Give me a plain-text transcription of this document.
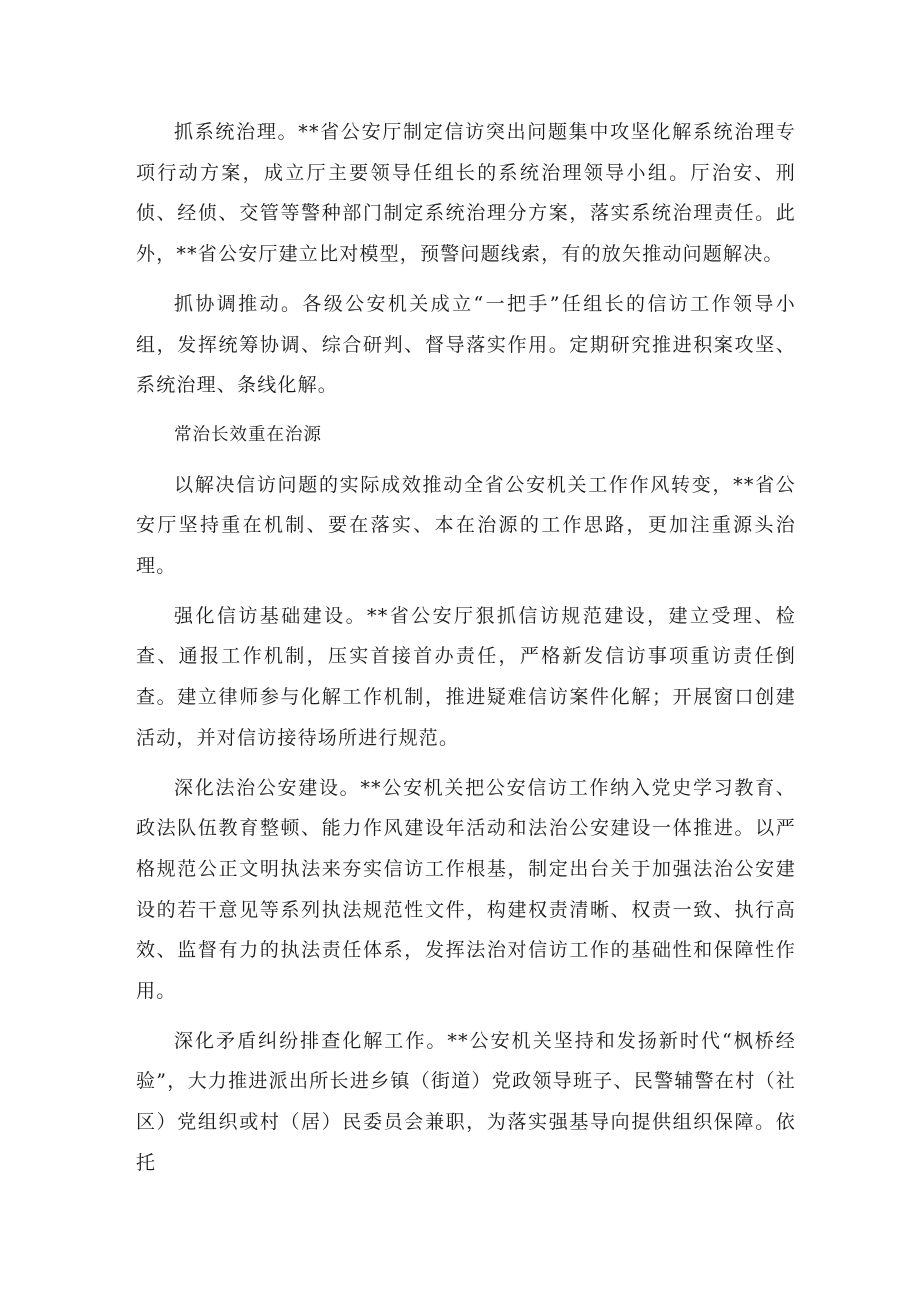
抓系统治理。**省公安厅制定信访突出问题集中攻坚化解系统治理专项行动方案，成立厅主要领导任组长的系统治理领导小组。厅治安、刑侦、经侦、交管等警种部门制定系统治理分方案，落实系统治理责任。此外，**省公安厅建立比对模型，预警问题线索，有的放矢推动问题解决。

抓协调推动。各级公安机关成立“一把手”任组长的信访工作领导小组，发挥统筹协调、综合研判、督导落实作用。定期研究推进积案攻坚、系统治理、条线化解。

常治长效重在治源

以解决信访问题的实际成效推动全省公安机关工作作风转变，**省公安厅坚持重在机制、要在落实、本在治源的工作思路，更加注重源头治理。

强化信访基础建设。**省公安厅狠抓信访规范建设，建立受理、检查、通报工作机制，压实首接首办责任，严格新发信访事项重访责任倒查。建立律师参与化解工作机制，推进疑难信访案件化解；开展窗口创建活动，并对信访接待场所进行规范。

深化法治公安建设。**公安机关把公安信访工作纳入党史学习教育、政法队伍教育整顿、能力作风建设年活动和法治公安建设一体推进。以严格规范公正文明执法来夯实信访工作根基，制定出台关于加强法治公安建设的若干意见等系列执法规范性文件，构建权责清晰、权责一致、执行高效、监督有力的执法责任体系，发挥法治对信访工作的基础性和保障性作用。

深化矛盾纠纷排查化解工作。**公安机关坚持和发扬新时代“枫桥经验”，大力推进派出所长进乡镇（街道）党政领导班子、民警辅警在村（社区）党组织或村（居）民委员会兼职，为落实强基导向提供组织保障。依托
